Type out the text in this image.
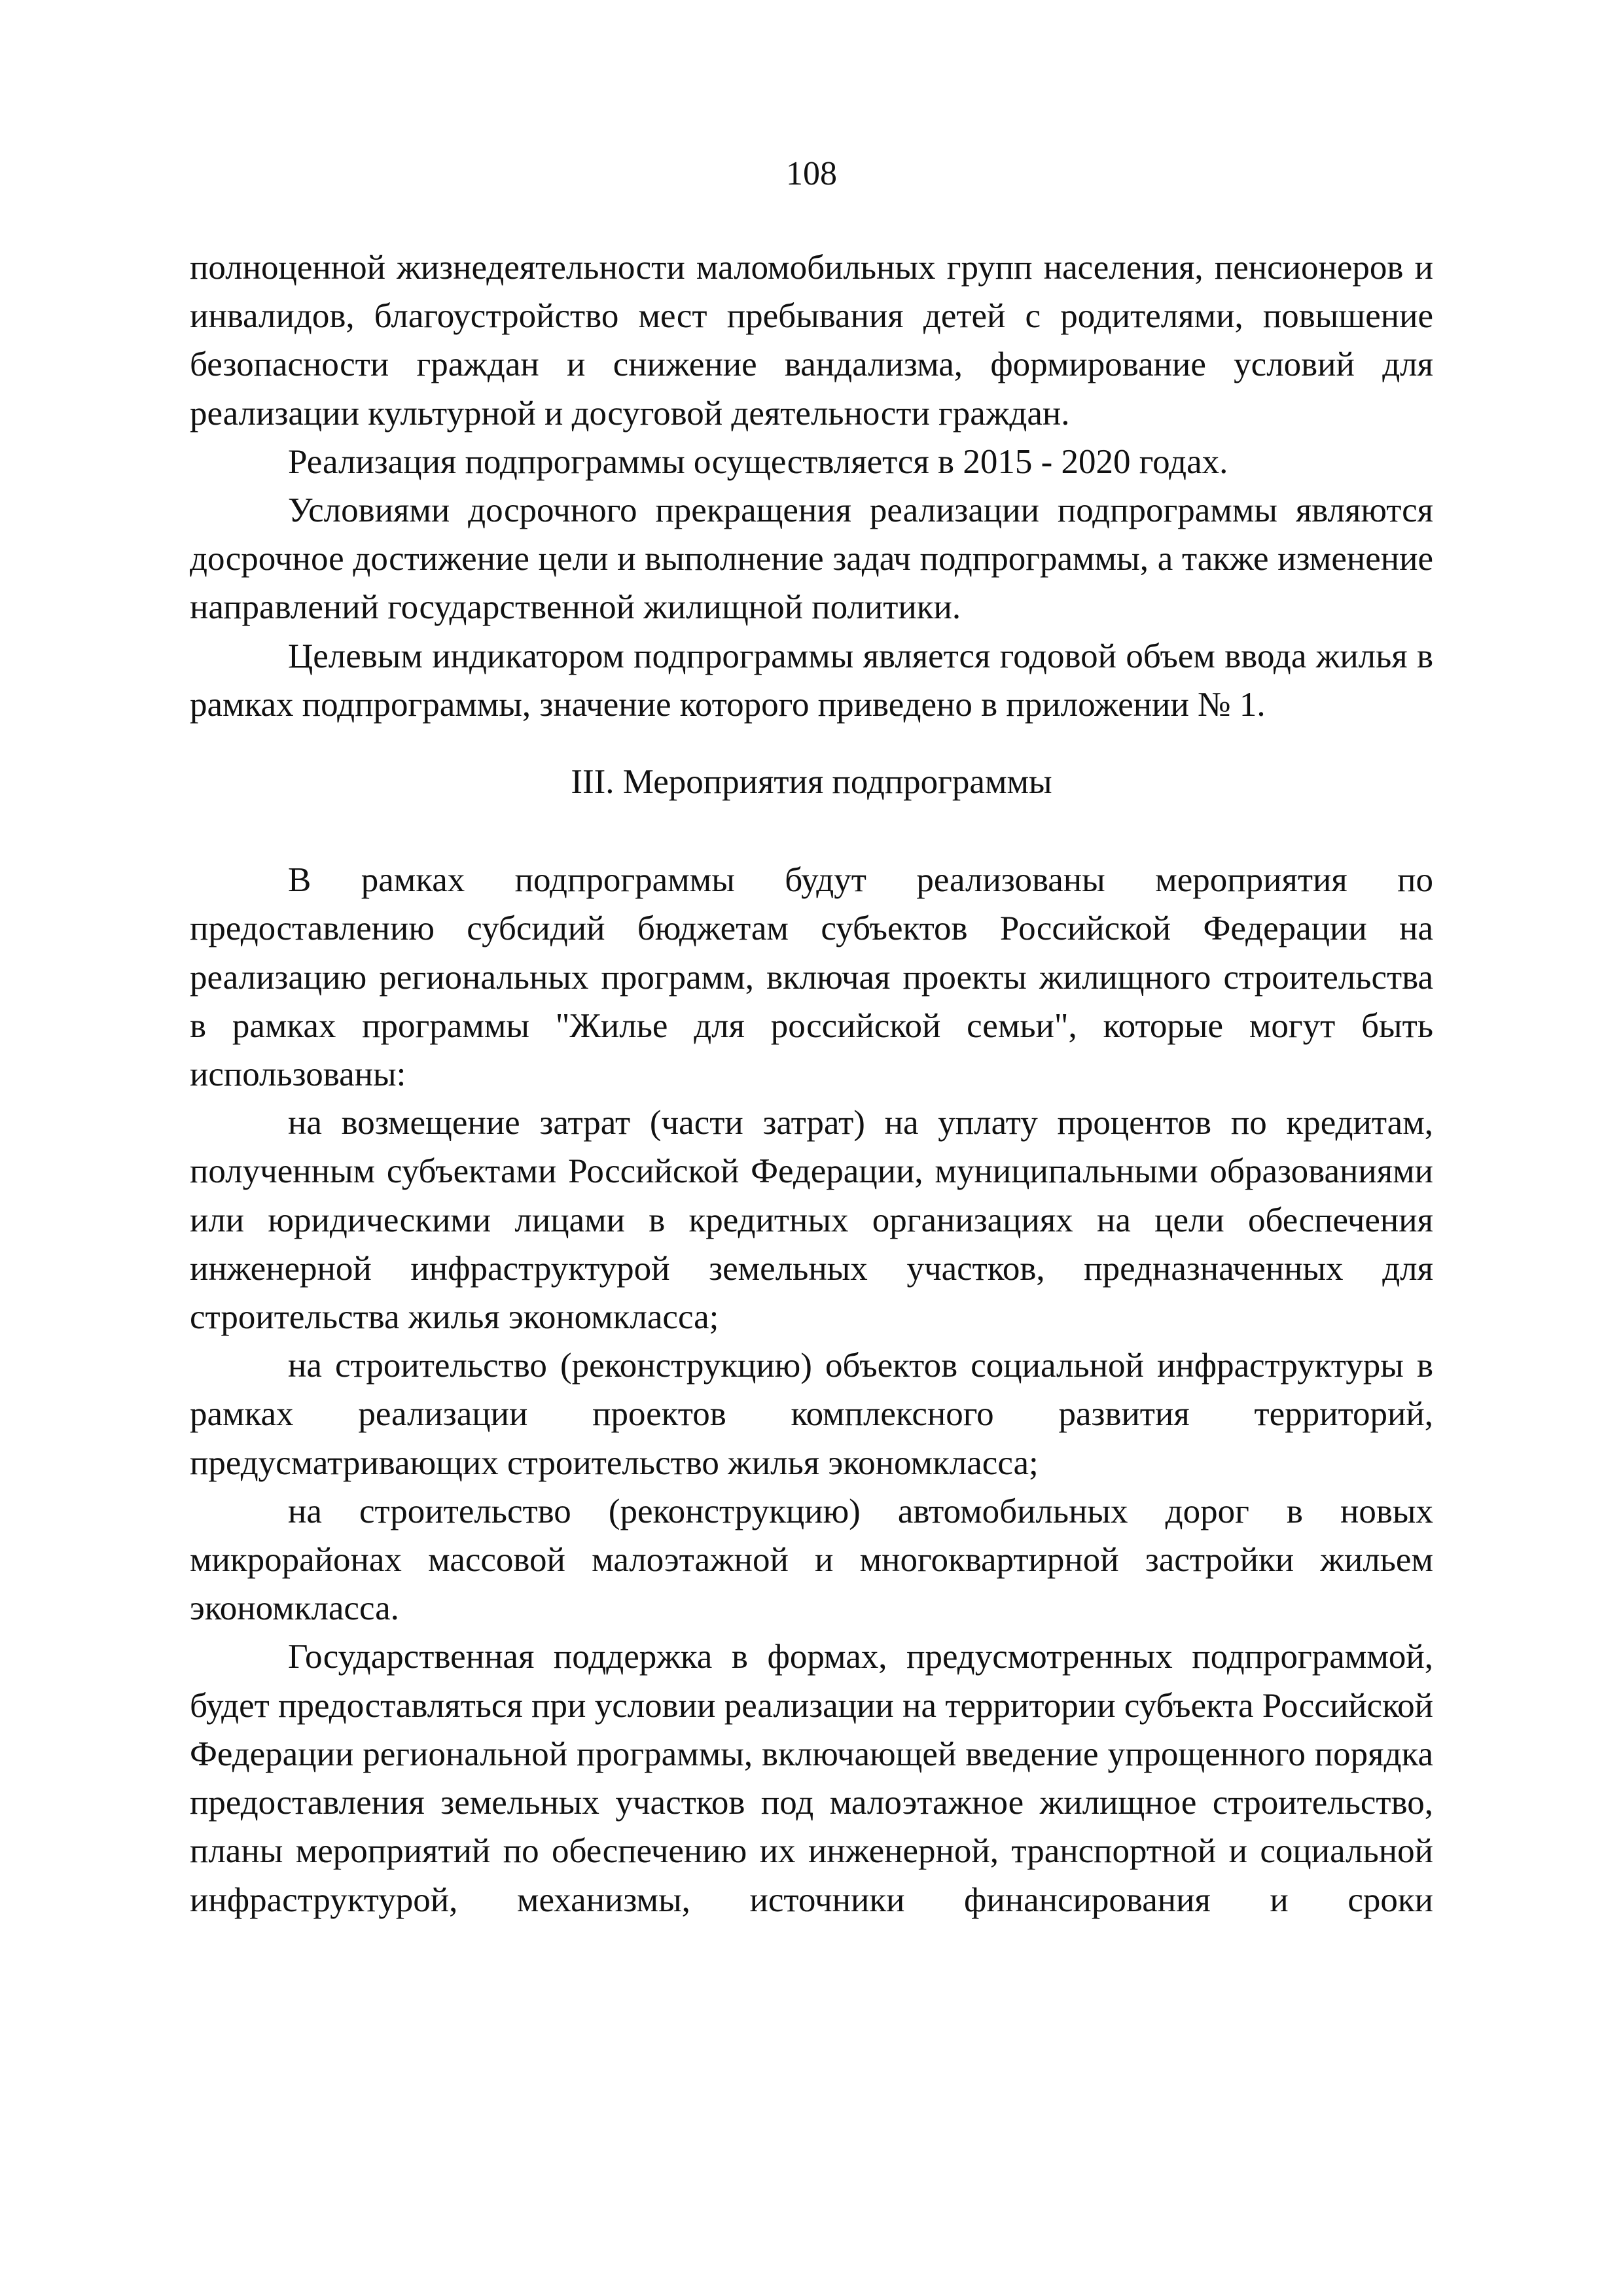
108

полноценной жизнедеятельности маломобильных групп населения, пенсионеров и инвалидов, благоустройство мест пребывания детей с родителями, повышение безопасности граждан и снижение вандализма, формирование условий для реализации культурной и досуговой деятельности граждан.

Реализация подпрограммы осуществляется в 2015 - 2020 годах.

Условиями досрочного прекращения реализации подпрограммы являются досрочное достижение цели и выполнение задач подпрограммы, а также изменение направлений государственной жилищной политики.

Целевым индикатором подпрограммы является годовой объем ввода жилья в рамках подпрограммы, значение которого приведено в приложении № 1.

III. Мероприятия подпрограммы

В рамках подпрограммы будут реализованы мероприятия по предоставлению субсидий бюджетам субъектов Российской Федерации на реализацию региональных программ, включая проекты жилищного строительства в рамках программы "Жилье для российской семьи", которые могут быть использованы:

на возмещение затрат (части затрат) на уплату процентов по кредитам, полученным субъектами Российской Федерации, муниципальными образованиями или юридическими лицами в кредитных организациях на цели обеспечения инженерной инфраструктурой земельных участков, предназначенных для строительства жилья экономкласса;

на строительство (реконструкцию) объектов социальной инфраструктуры в рамках реализации проектов комплексного развития территорий, предусматривающих строительство жилья экономкласса;

на строительство (реконструкцию) автомобильных дорог в новых микрорайонах массовой малоэтажной и многоквартирной застройки жильем экономкласса.

Государственная поддержка в формах, предусмотренных подпрограммой, будет предоставляться при условии реализации на территории субъекта Российской Федерации региональной программы, включающей введение упрощенного порядка предоставления земельных участков под малоэтажное жилищное строительство, планы мероприятий по обеспечению их инженерной, транспортной и социальной инфраструктурой, механизмы, источники финансирования и сроки
